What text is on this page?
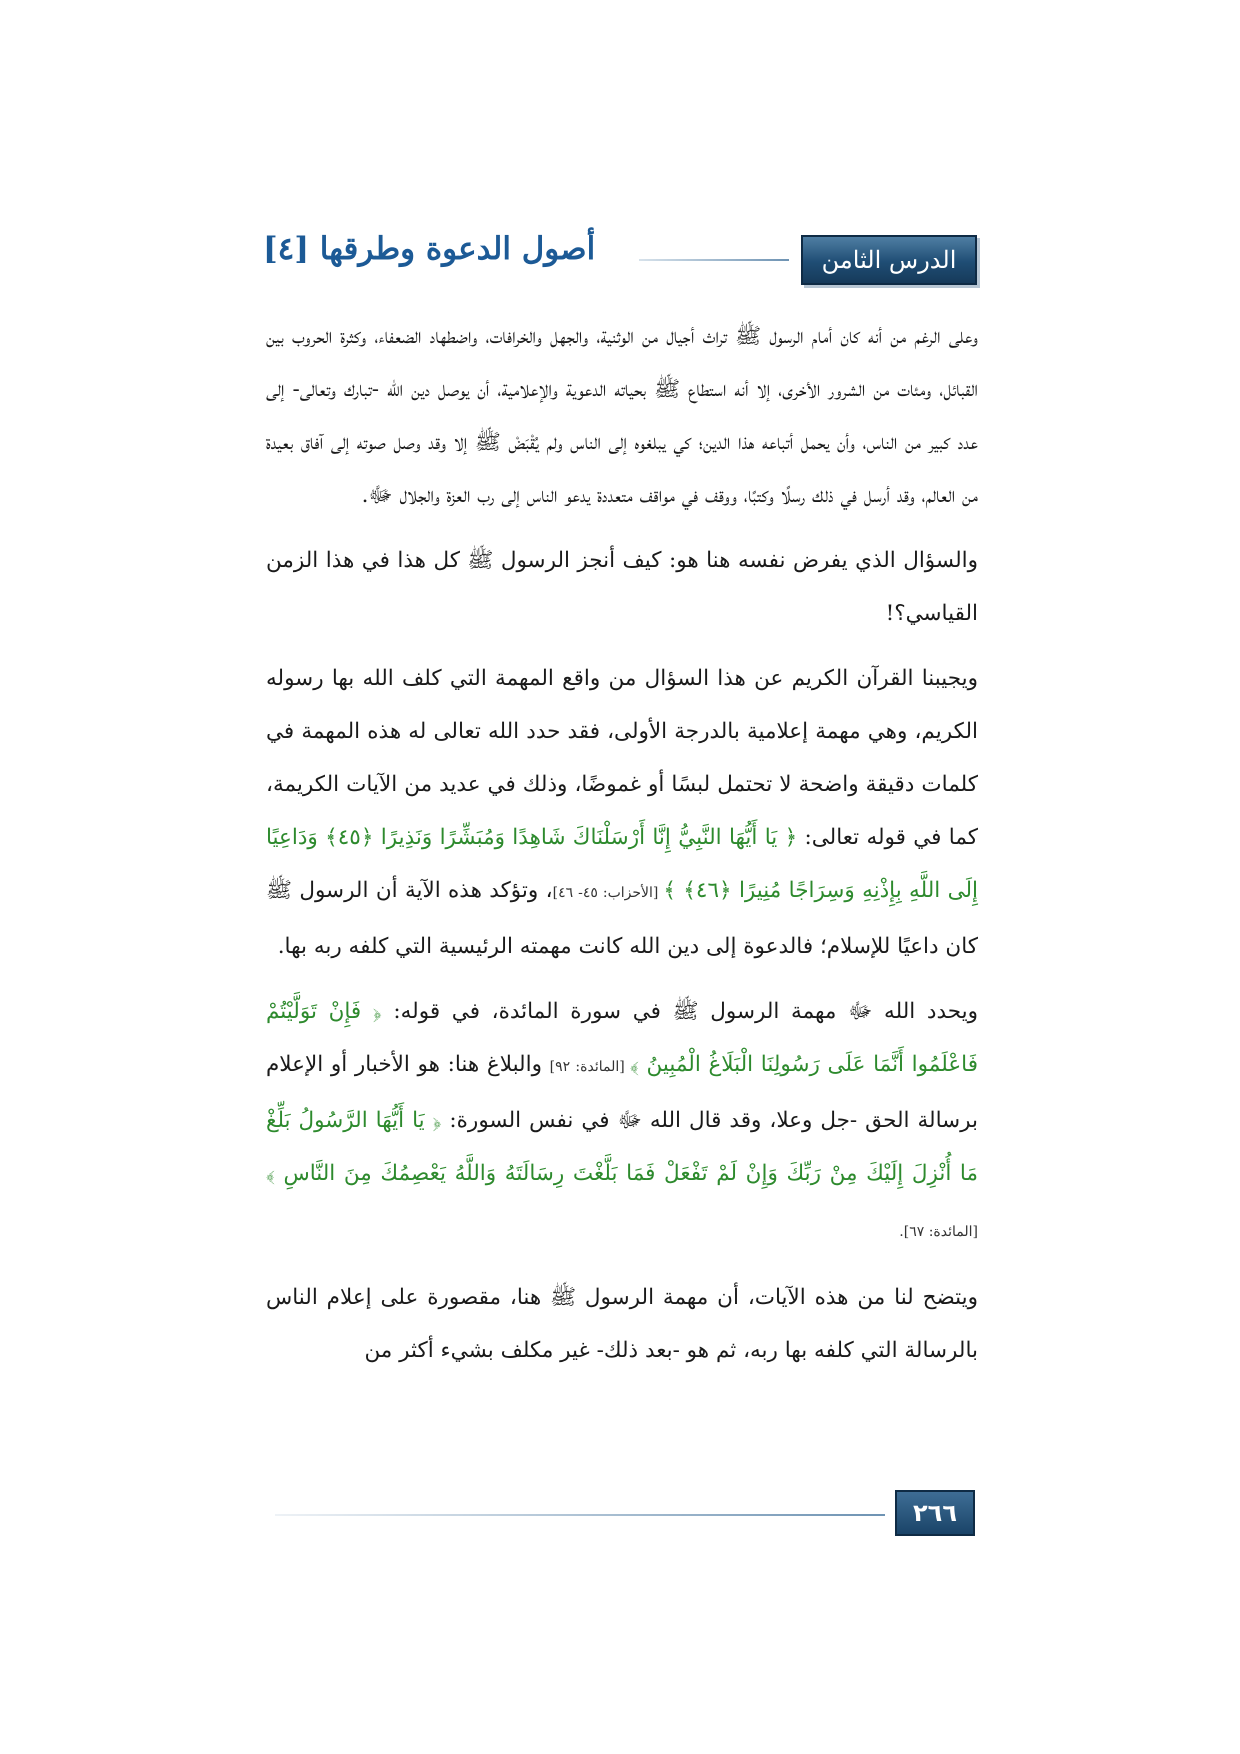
أصول الدعوة وطرقها [٤]	الدرس الثامن

وعلى الرغم من أنه كان أمام الرسول ﷺ تراث أجيال من الوثنية، والجهل والخرافات، واضطهاد الضعفاء، وكثرة الحروب بين القبائل، ومئات من الشرور الأخرى، إلا أنه استطاع ﷺ بحياته الدعوية والإعلامية، أن يوصل دين الله -تبارك وتعالى- إلى عدد كبير من الناس، وأن يحمل أتباعه هذا الدين؛ كي يبلغوه إلى الناس ولم يُقْبَضْ ﷺ إلا وقد وصل صوته إلى آفاق بعيدة من العالم، وقد أرسل في ذلك رسلًا وكتبًا، ووقف في مواقف متعددة يدعو الناس إلى رب العزة والجلال ﷻ.

والسؤال الذي يفرض نفسه هنا هو: كيف أنجز الرسول ﷺ كل هذا في هذا الزمن القياسي؟!

ويجيبنا القرآن الكريم عن هذا السؤال من واقع المهمة التي كلف الله بها رسوله الكريم، وهي مهمة إعلامية بالدرجة الأولى، فقد حدد الله تعالى له هذه المهمة في كلمات دقيقة واضحة لا تحتمل لبسًا أو غموضًا، وذلك في عديد من الآيات الكريمة، كما في قوله تعالى: ﴿ يَا أَيُّهَا النَّبِيُّ إِنَّا أَرْسَلْنَاكَ شَاهِدًا وَمُبَشِّرًا وَنَذِيرًا ﴿٤٥﴾ وَدَاعِيًا إِلَى اللَّهِ بِإِذْنِهِ وَسِرَاجًا مُنِيرًا ﴿٤٦﴾ ﴾ [الأحزاب: ٤٥- ٤٦]، وتؤكد هذه الآية أن الرسول ﷺ كان داعيًا للإسلام؛ فالدعوة إلى دين الله كانت مهمته الرئيسية التي كلفه ربه بها.

ويحدد الله ﷻ مهمة الرسول ﷺ في سورة المائدة، في قوله: ﴿ فَإِنْ تَوَلَّيْتُمْ فَاعْلَمُوا أَنَّمَا عَلَى رَسُولِنَا الْبَلَاغُ الْمُبِينُ ﴾ [المائدة: ٩٢] والبلاغ هنا: هو الأخبار أو الإعلام برسالة الحق -جل وعلا، وقد قال الله ﷻ في نفس السورة: ﴿ يَا أَيُّهَا الرَّسُولُ بَلِّغْ مَا أُنْزِلَ إِلَيْكَ مِنْ رَبِّكَ وَإِنْ لَمْ تَفْعَلْ فَمَا بَلَّغْتَ رِسَالَتَهُ وَاللَّهُ يَعْصِمُكَ مِنَ النَّاسِ ﴾ [المائدة: ٦٧].

ويتضح لنا من هذه الآيات، أن مهمة الرسول ﷺ هنا، مقصورة على إعلام الناس بالرسالة التي كلفه بها ربه، ثم هو -بعد ذلك- غير مكلف بشيء أكثر من

٢٦٦
